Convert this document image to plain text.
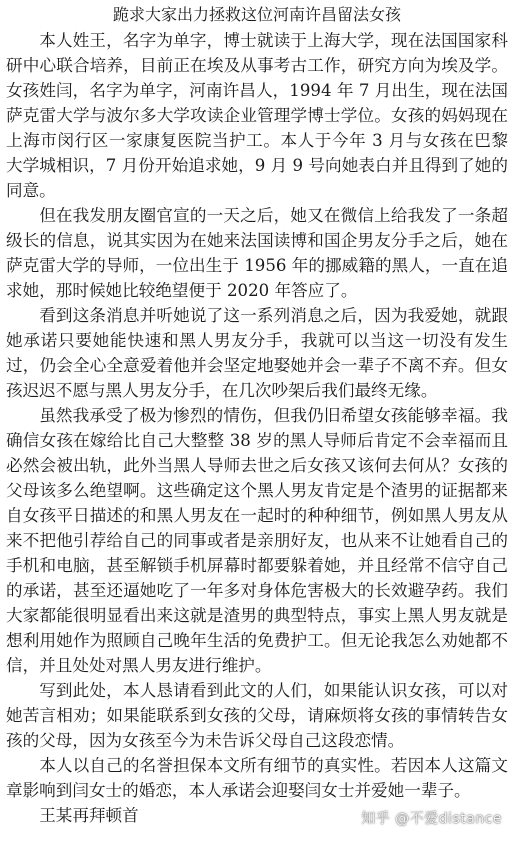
跪求大家出力拯救这位河南许昌留法女孩

本人姓王，名字为单字，博士就读于上海大学，现在法国国家科研中心联合培养，目前正在埃及从事考古工作，研究方向为埃及学。女孩姓闫，名字为单字，河南许昌人，1994 年 7 月出生，现在法国萨克雷大学与波尔多大学攻读企业管理学博士学位。女孩的妈妈现在上海市闵行区一家康复医院当护工。本人于今年 3 月与女孩在巴黎大学城相识，7 月份开始追求她，9 月 9 号向她表白并且得到了她的同意。

但在我发朋友圈官宣的一天之后，她又在微信上给我发了一条超级长的信息，说其实因为在她来法国读博和国企男友分手之后，她在萨克雷大学的导师，一位出生于 1956 年的挪威籍的黑人，一直在追求她，那时候她比较绝望便于 2020 年答应了。

看到这条消息并听她说了这一系列消息之后，因为我爱她，就跟她承诺只要她能快速和黑人男友分手，我就可以当这一切没有发生过，仍会全心全意爱着他并会坚定地娶她并会一辈子不离不弃。但女孩迟迟不愿与黑人男友分手，在几次吵架后我们最终无缘。

虽然我承受了极为惨烈的情伤，但我仍旧希望女孩能够幸福。我确信女孩在嫁给比自己大整整 38 岁的黑人导师后肯定不会幸福而且必然会被出轨，此外当黑人导师去世之后女孩又该何去何从？女孩的父母该多么绝望啊。这些确定这个黑人男友肯定是个渣男的证据都来自女孩平日描述的和黑人男友在一起时的种种细节，例如黑人男友从来不把他引荐给自己的同事或者是亲朋好友，也从来不让她看自己的手机和电脑，甚至解锁手机屏幕时都要躲着她，并且经常不信守自己的承诺，甚至还逼她吃了一年多对身体危害极大的长效避孕药。我们大家都能很明显看出来这就是渣男的典型特点，事实上黑人男友就是想利用她作为照顾自己晚年生活的免费护工。但无论我怎么劝她都不信，并且处处对黑人男友进行维护。

写到此处，本人恳请看到此文的人们，如果能认识女孩，可以对她苦言相劝；如果能联系到女孩的父母，请麻烦将女孩的事情转告女孩的父母，因为女孩至今为未告诉父母自己这段恋情。

本人以自己的名誉担保本文所有细节的真实性。若因本人这篇文章影响到闫女士的婚恋，本人承诺会迎娶闫女士并爱她一辈子。

王某再拜顿首	知乎 @不爱distance
